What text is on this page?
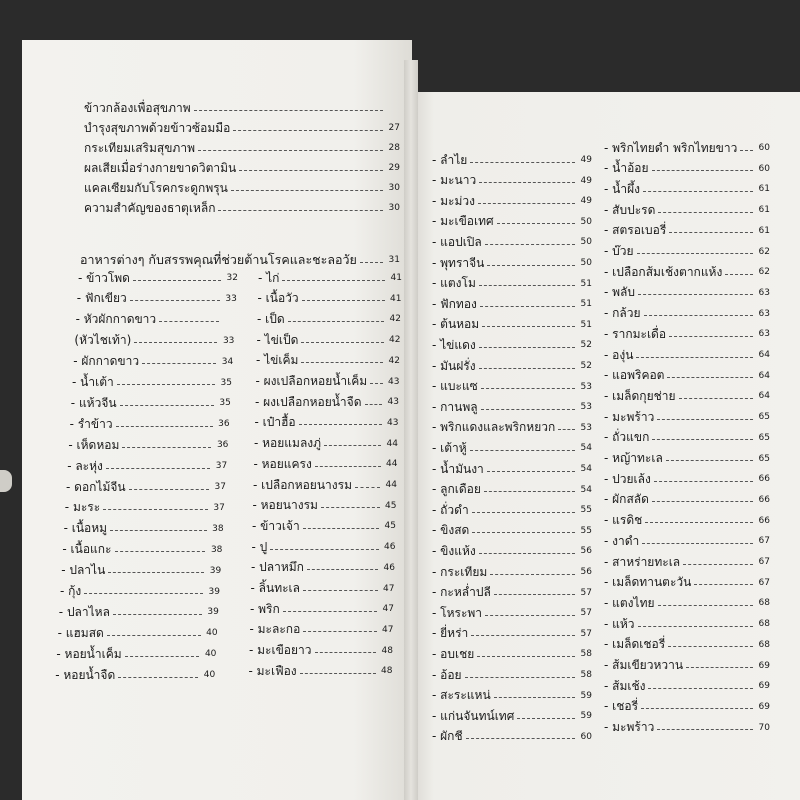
อาหารต่างๆ กับสรรพคุณที่ช่วยต้านโรคและชะลอวัย	31
ข้าวกล้องเพื่อสุขภาพ
บำรุงสุขภาพด้วยข้าวซ้อมมือ	27
กระเทียมเสริมสุขภาพ	28
ผลเสียเมื่อร่างกายขาดวิตามิน	29
แคลเซียมกับโรคกระดูกพรุน	30
ความสำคัญของธาตุเหล็ก	30
- ข้าวโพด	32
- ฟักเขียว	33
- หัวผักกาดขาว
(หัวไชเท้า)	33
- ผักกาดขาว	34
- น้ำเต้า	35
- แห้วจีน	35
- รำข้าว	36
- เห็ดหอม	36
- ละหุ่ง	37
- ดอกไม้จีน	37
- มะระ	37
- เนื้อหมู	38
- เนื้อแกะ	38
- ปลาไน	39
- กุ้ง	39
- ปลาไหล	39
- แฮมสด	40
- หอยน้ำเค็ม	40
- หอยน้ำจืด	40
- ไก่	41
- เนื้อวัว	41
- เป็ด	42
- ไข่เป็ด	42
- ไข่เค็ม	42
- ผงเปลือกหอยน้ำเค็ม 43
- ผงเปลือกหอยน้ำจืด	43
- เป๋าฮื้อ	43
- หอยแมลงภู่	44
- หอยแครง	44
- เปลือกหอยนางรม	44
- หอยนางรม	45
- ข้าวเจ้า	45
- ปู	46
- ปลาหมึก	46
- ลิ้นทะเล	47
- พริก	47
- มะละกอ	47
- มะเขือยาว	48
- มะเฟือง	48
- ลำไย	49
- มะนาว	49
- มะม่วง	49
- มะเขือเทศ	50
- แอปเปิล	50
- พุทราจีน	50
- แตงโม	51
- ฟักทอง	51
- ต้นหอม	51
- ไข่แดง	52
- มันฝรั่ง	52
- แบะแซ	53
- กานพลู	53
- พริกแดงและพริกหยวก	53
- เต้าหู้	54
- น้ำมันงา	54
- ลูกเดือย	54
- ถั่วดำ	55
- ขิงสด	55
- ขิงแห้ง	56
- กระเทียม	56
- กะหล่ำปลี	57
- โหระพา	57
- ยี่หร่า	57
- อบเชย	58
- อ้อย	58
- สะระแหน่	59
- แก่นจันทน์เทศ	59
- ผักชี	60
- พริกไทยดำ พริกไทยขาว 60
- น้ำอ้อย	60
- น้ำผึ้ง	61
- สับปะรด	61
- สตรอเบอรี่	61
- บ๊วย	62
- เปลือกส้มเช้งตากแห้ง	62
- พลับ	63
- กล้วย	63
- รากมะเดื่อ	63
- องุ่น	64
- แอพริคอต	64
- เมล็ดกุยช่าย	64
- มะพร้าว	65
- ถั่วแขก	65
- หญ้าทะเล	65
- ปวยเล้ง	66
- ผักสลัด	66
- แรดิช	66
- งาดำ	67
- สาหร่ายทะเล	67
- เมล็ดทานตะวัน	67
- แตงไทย	68
- แห้ว	68
- เมล็ดเชอรี่	68
- ส้มเขียวหวาน	69
- ส้มเช้ง	69
- เชอรี่	69
- มะพร้าว	70
